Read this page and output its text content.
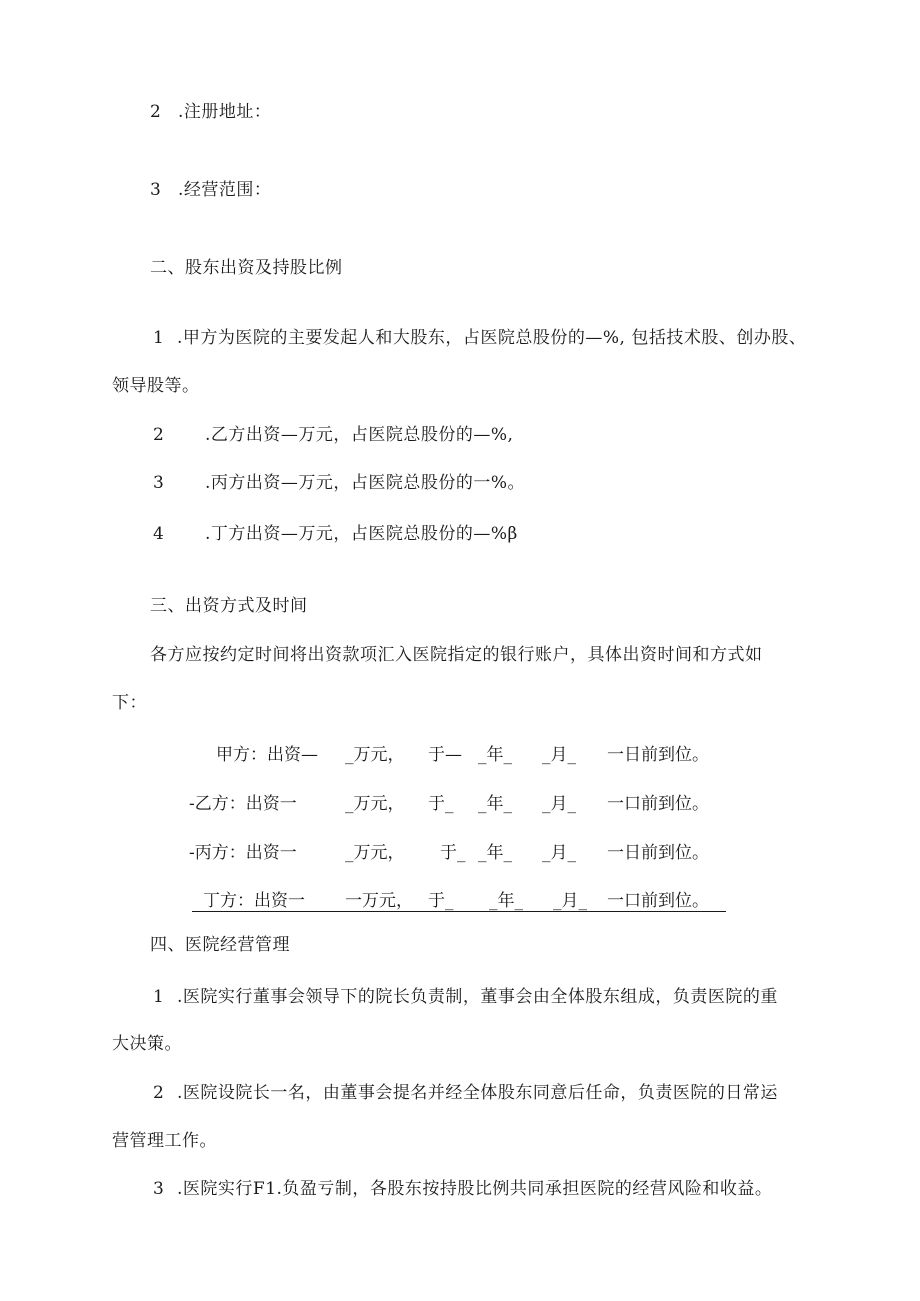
2 .注册地址：
3 .经营范围：
二、股东出资及持股比例
1 .甲方为医院的主要发起人和大股东，占医院总股份的—%, 包括技术股、创办股、
领导股等。
2 .乙方出资—万元，占医院总股份的—%,
3 .丙方出资—万元，占医院总股份的一%。
4 .丁方出资—万元，占医院总股份的—%β
三、出资方式及时间
各方应按约定时间将出资款项汇入医院指定的银行账户，具体出资时间和方式如
下：
甲方：出资— _万元， 于— _年_ _月_ 一日前到位。
-乙方：出资一	_万元， 于_ _年_ _月_ 一口前到位。
-丙方：出资一	_万元， 于_ _年_ _月_ 一日前到位。
丁方：出资一 一万元， 于_ _年_ _月_ 一口前到位。
四、医院经营管理
1 .医院实行董事会领导下的院长负责制，董事会由全体股东组成，负责医院的重
大决策。
2 .医院设院长一名，由董事会提名并经全体股东同意后任命，负责医院的日常运
营管理工作。
3 .医院实行F1.负盈亏制，各股东按持股比例共同承担医院的经营风险和收益。
